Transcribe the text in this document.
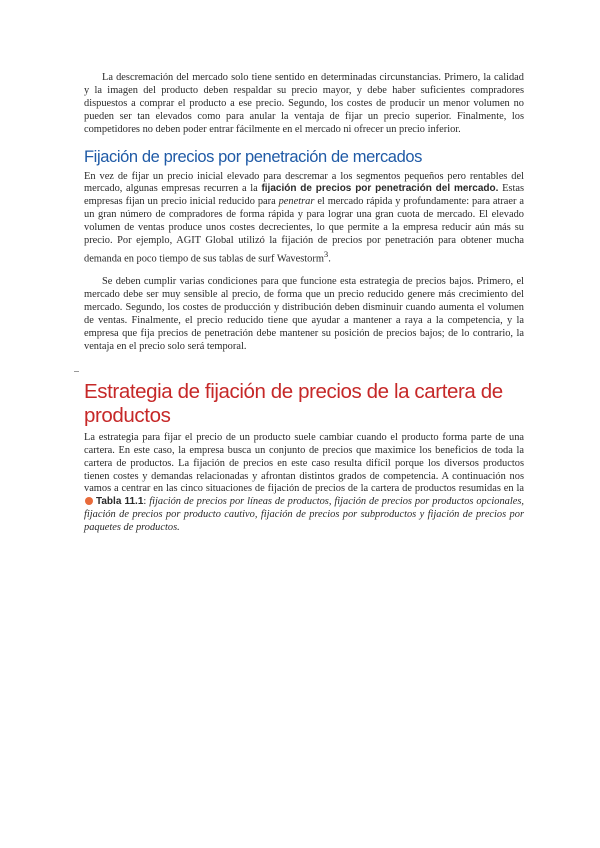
La descremación del mercado solo tiene sentido en determinadas circunstancias. Primero, la calidad y la imagen del producto deben respaldar su precio mayor, y debe haber suficientes compradores dispuestos a comprar el producto a ese precio. Segundo, los costes de producir un menor volumen no pueden ser tan elevados como para anular la ventaja de fijar un precio superior. Finalmente, los competidores no deben poder entrar fácilmente en el mercado ni ofrecer un precio inferior.

Fijación de precios por penetración de mercados

En vez de fijar un precio inicial elevado para descremar a los segmentos pequeños pero rentables del mercado, algunas empresas recurren a la fijación de precios por penetración del mercado. Estas empresas fijan un precio inicial reducido para penetrar el mercado rápida y profundamente: para atraer a un gran número de compradores de forma rápida y para lograr una gran cuota de mercado. El elevado volumen de ventas produce unos costes decrecientes, lo que permite a la empresa reducir aún más su precio. Por ejemplo, AGIT Global utilizó la fijación de precios por penetración para obtener mucha demanda en poco tiempo de sus tablas de surf Wavestorm$^3$.

Se deben cumplir varias condiciones para que funcione esta estrategia de precios bajos. Primero, el mercado debe ser muy sensible al precio, de forma que un precio reducido genere más crecimiento del mercado. Segundo, los costes de producción y distribución deben disminuir cuando aumenta el volumen de ventas. Finalmente, el precio reducido tiene que ayudar a mantener a raya a la competencia, y la empresa que fija precios de penetración debe mantener su posición de precios bajos; de lo contrario, la ventaja en el precio solo será temporal.

Estrategia de fijación de precios de la cartera de productos

La estrategia para fijar el precio de un producto suele cambiar cuando el producto forma parte de una cartera. En este caso, la empresa busca un conjunto de precios que maximice los beneficios de toda la cartera de productos. La fijación de precios en este caso resulta difícil porque los diversos productos tienen costes y demandas relacionadas y afrontan distintos grados de competencia. A continuación nos vamos a centrar en las cinco situaciones de fijación de precios de la cartera de productos resumidas en la Tabla 11.1: fijación de precios por líneas de productos, fijación de precios por productos opcionales, fijación de precios por producto cautivo, fijación de precios por subproductos y fijación de precios por paquetes de productos.
